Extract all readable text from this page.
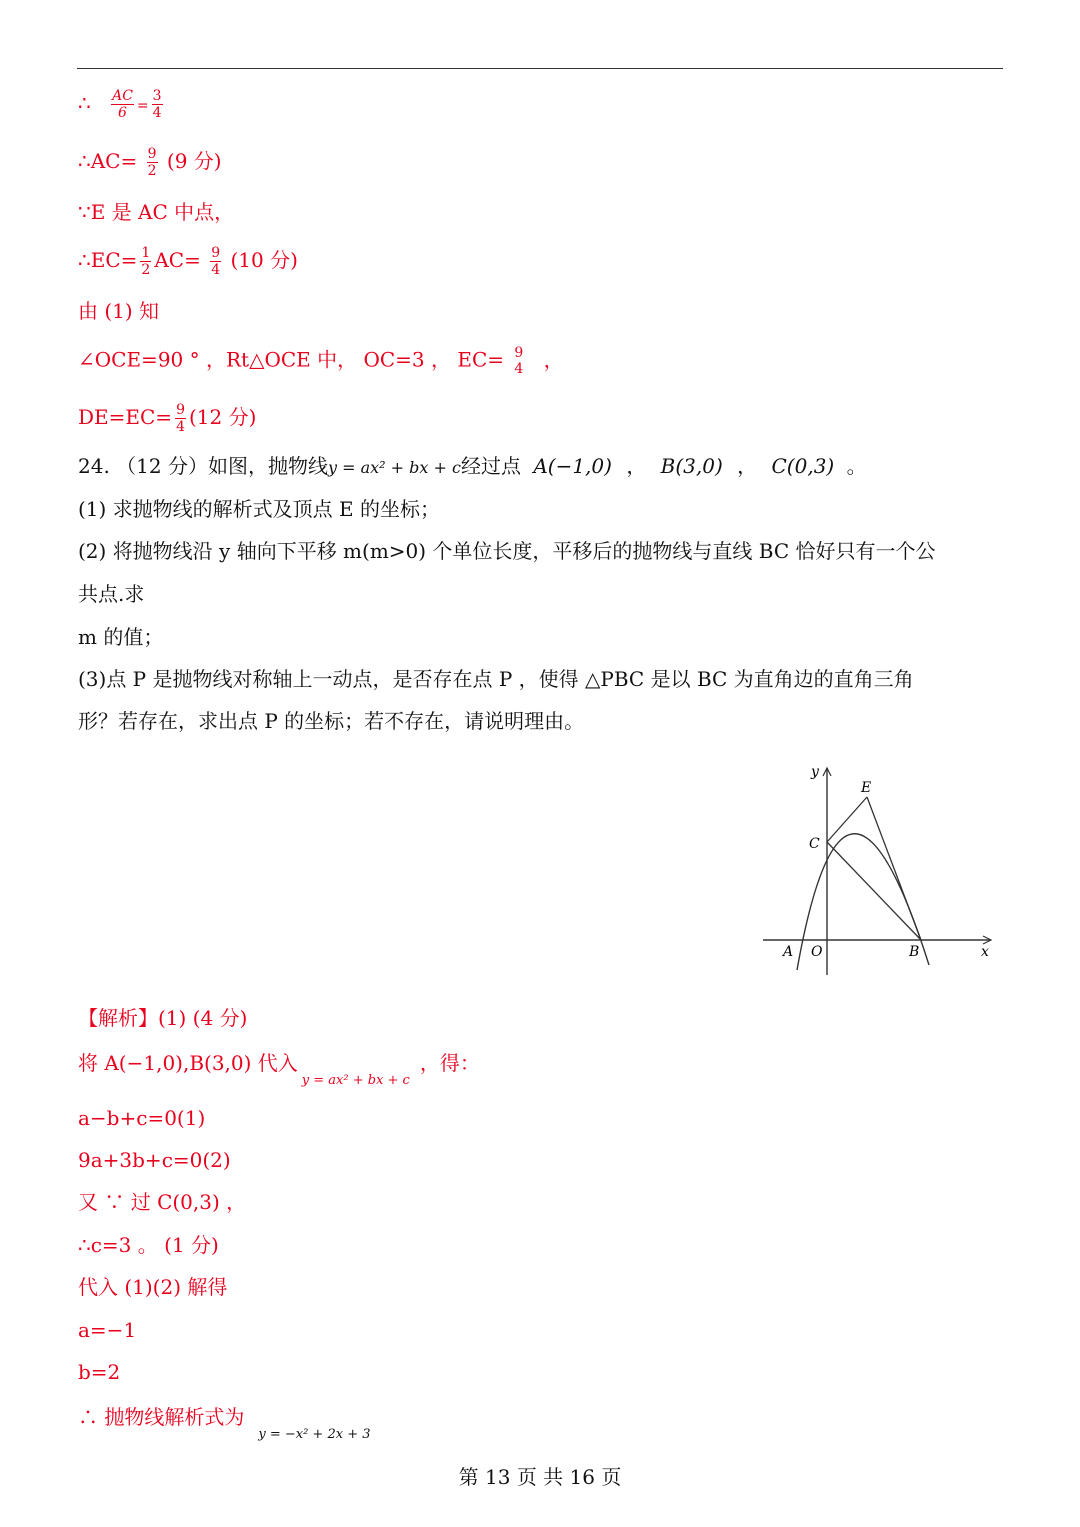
∴ $\frac{AC}{6} = \frac{3}{4}$
∴AC= $\frac{9}{2} (9$ 分)
∵E 是 AC 中点，
∴EC= $\frac{1}{2} AC= \frac{9}{4} (10$ 分)
由 (1) 知
∠OCE=90 ° ，Rt△OCE 中， OC=3 ， EC= 9
4 ，
$DE=EC= \frac{9}{4} (12$ 分)
24. （12 分）如图，抛物线y = ax² + bx + c经过点 A(−1,0) ， B(3,0) ， C(0,3) 。
(1) 求抛物线的解析式及顶点 E 的坐标；
(2) 将抛物线沿 y 轴向下平移 m(m>0) 个单位长度，平移后的抛物线与直线 BC 恰好只有一个公
共点.求
m 的值；
(3)点 P 是抛物线对称轴上一动点，是否存在点 P ，使得 △PBC 是以 BC 为直角边的直角三角
形？若存在，求出点 P 的坐标；若不存在，请说明理由。
y
x
E
C
A O	B
【解析】(1) (4 分)
将 A(−1,0),B(3,0) 代入$_{y = ax^2 + bx + c}$，得：
a−b+c=0(1)
9a+3b+c=0(2)
又 ∵ 过 C(0,3) ，
∴c=3 。 (1 分)
代入 (1)(2) 解得
a=−1
b=2
∴ 抛物线解析式为$_{y = -x^2 + 2x + 3}$
第 13 页 共 16 页
